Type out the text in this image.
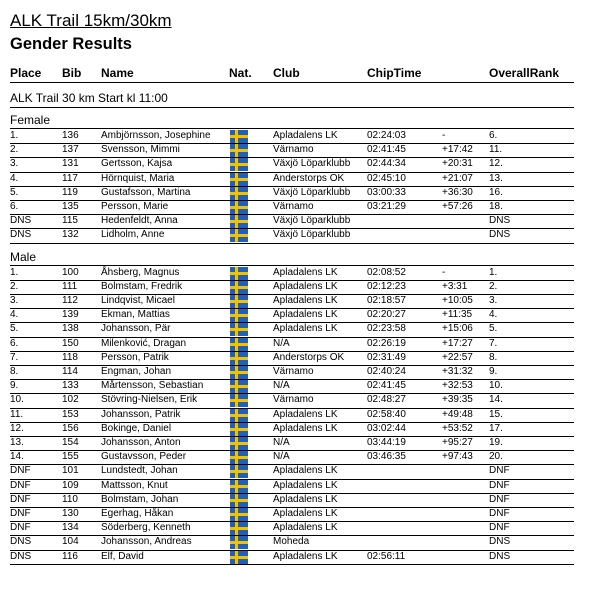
ALK Trail 15km/30km
Gender Results
Place Bib Name	Nat. Club	ChipTime	OverallRank
ALK Trail 30 km Start kl 11:00
Female
1.	136 Ambjörnsson, Josephine	Apladalens LK	02:24:03	-	6.
2.	137 Svensson, Mimmi	Värnamo	02:41:45	+17:42 11.
3.	131 Gertsson, Kajsa	Växjö Löparklubb 02:44:34	+20:31 12.
4.	117 Hörnquist, Maria	Anderstorps OK 02:45:10	+21:07 13.
5.	119 Gustafsson, Martina	Växjö Löparklubb 03:00:33	+36:30 16.
6.	135 Persson, Marie	Värnamo	03:21:29	+57:26 18.
DNS	115 Hedenfeldt, Anna	Växjö Löparklubb	DNS
DNS	132 Lidholm, Anne	Växjö Löparklubb	DNS
Male
1.	100 Åhsberg, Magnus	Apladalens LK	02:08:52	-	1.
2.	111 Bolmstam, Fredrik	Apladalens LK	02:12:23	+3:31 2.
3.	112 Lindqvist, Micael	Apladalens LK	02:18:57	+10:05 3.
4.	139 Ekman, Mattias	Apladalens LK	02:20:27	+11:35 4.
5.	138 Johansson, Pär	Apladalens LK	02:23:58	+15:06 5.
6.	150 Milenković, Dragan	N/A	02:26:19	+17:27 7.
7.	118 Persson, Patrik	Anderstorps OK 02:31:49	+22:57 8.
8.	114 Engman, Johan	Värnamo	02:40:24	+31:32 9.
9.	133 Mårtensson, Sebastian	N/A	02:41:45	+32:53 10.
10.	102 Stövring-Nielsen, Erik	Värnamo	02:48:27	+39:35 14.
11.	153 Johansson, Patrik	Apladalens LK	02:58:40	+49:48 15.
12.	156 Bokinge, Daniel	Apladalens LK	03:02:44	+53:52 17.
13.	154 Johansson, Anton	N/A	03:44:19	+95:27 19.
14.	155 Gustavsson, Peder	N/A	03:46:35	+97:43 20.
DNF	101 Lundstedt, Johan	Apladalens LK	DNF
DNF	109 Mattsson, Knut	Apladalens LK	DNF
DNF	110 Bolmstam, Johan	Apladalens LK	DNF
DNF	130 Egerhag, Håkan	Apladalens LK	DNF
DNF	134 Söderberg, Kenneth	Apladalens LK	DNF
DNS	104 Johansson, Andreas	Moheda	DNS
DNS	116 Elf, David	Apladalens LK	02:56:11	DNS
